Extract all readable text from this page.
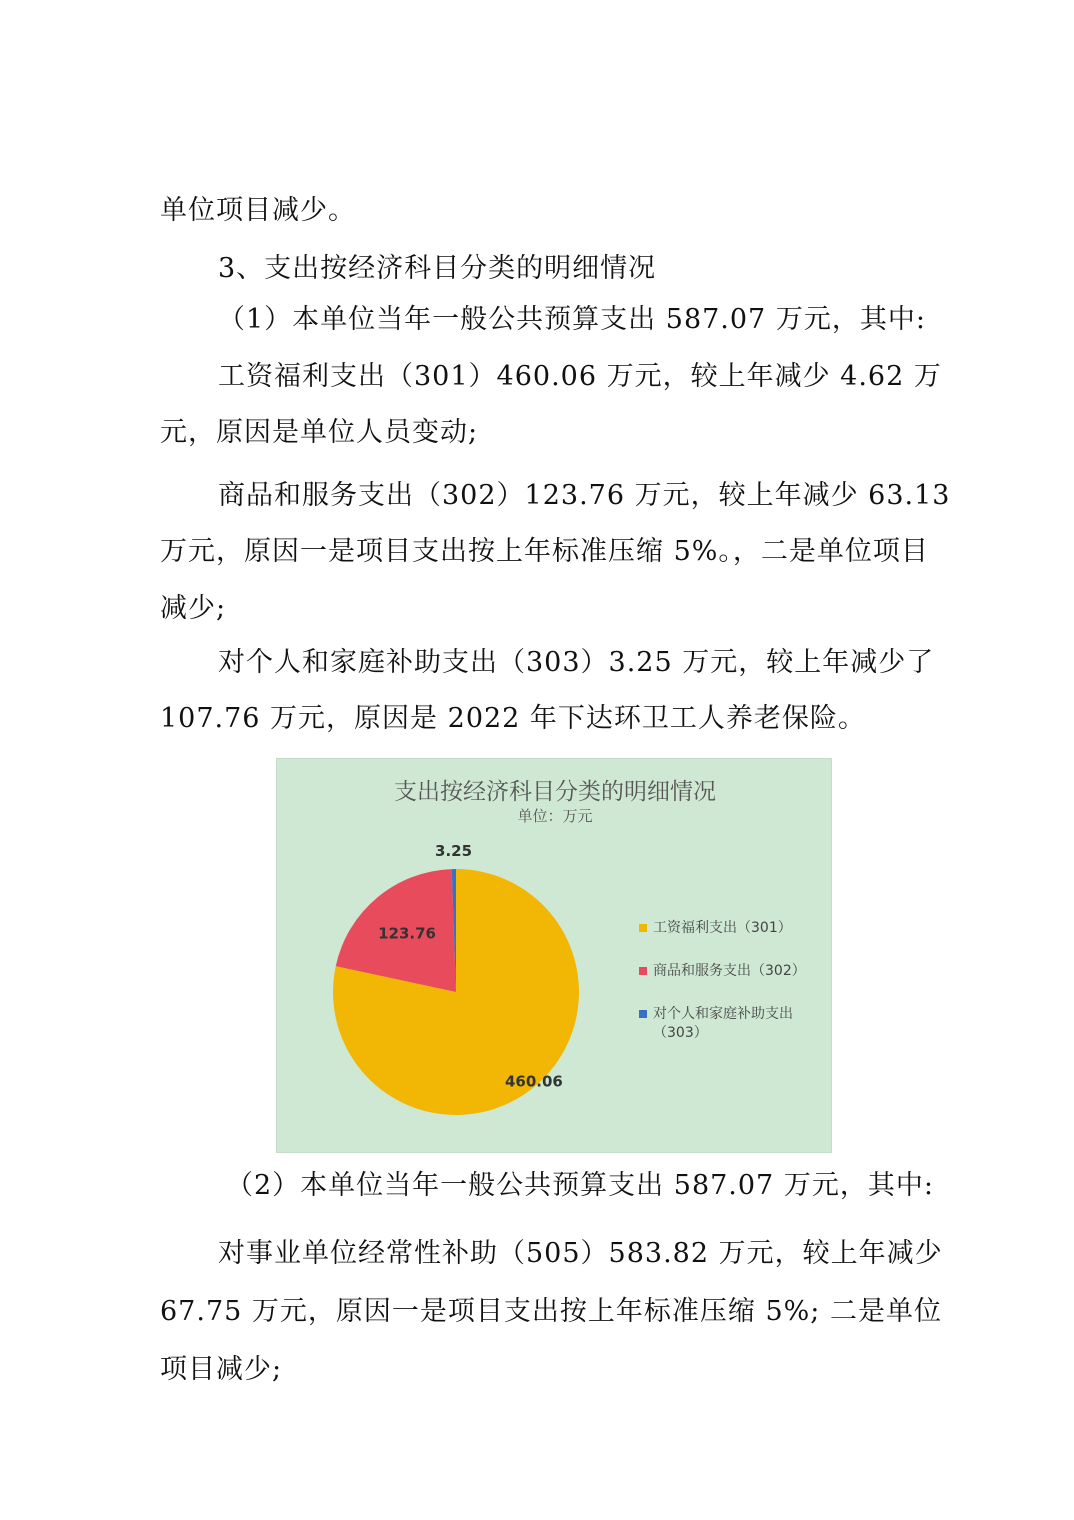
单位项目减少。

3、支出按经济科目分类的明细情况

（1）本单位当年一般公共预算支出 587.07 万元，其中:

工资福利支出（301）460.06 万元，较上年减少 4.62 万

元，原因是单位人员变动;

商品和服务支出（302）123.76 万元，较上年减少 63.13

万元，原因一是项目支出按上年标准压缩 5%。，二是单位项目

减少;

对个人和家庭补助支出（303）3.25 万元，较上年减少了

107.76 万元，原因是 2022 年下达环卫工人养老保险。

460.06
123.76
3.25
支出按经济科目分类的明细情况
单位：万元
工资福利支出（301）
商品和服务支出（302）
对个人和家庭补助支出（303）

（2）本单位当年一般公共预算支出 587.07 万元，其中:

对事业单位经常性补助（505）583.82 万元，较上年减少

67.75 万元，原因一是项目支出按上年标准压缩 5%; 二是单位

项目减少;
